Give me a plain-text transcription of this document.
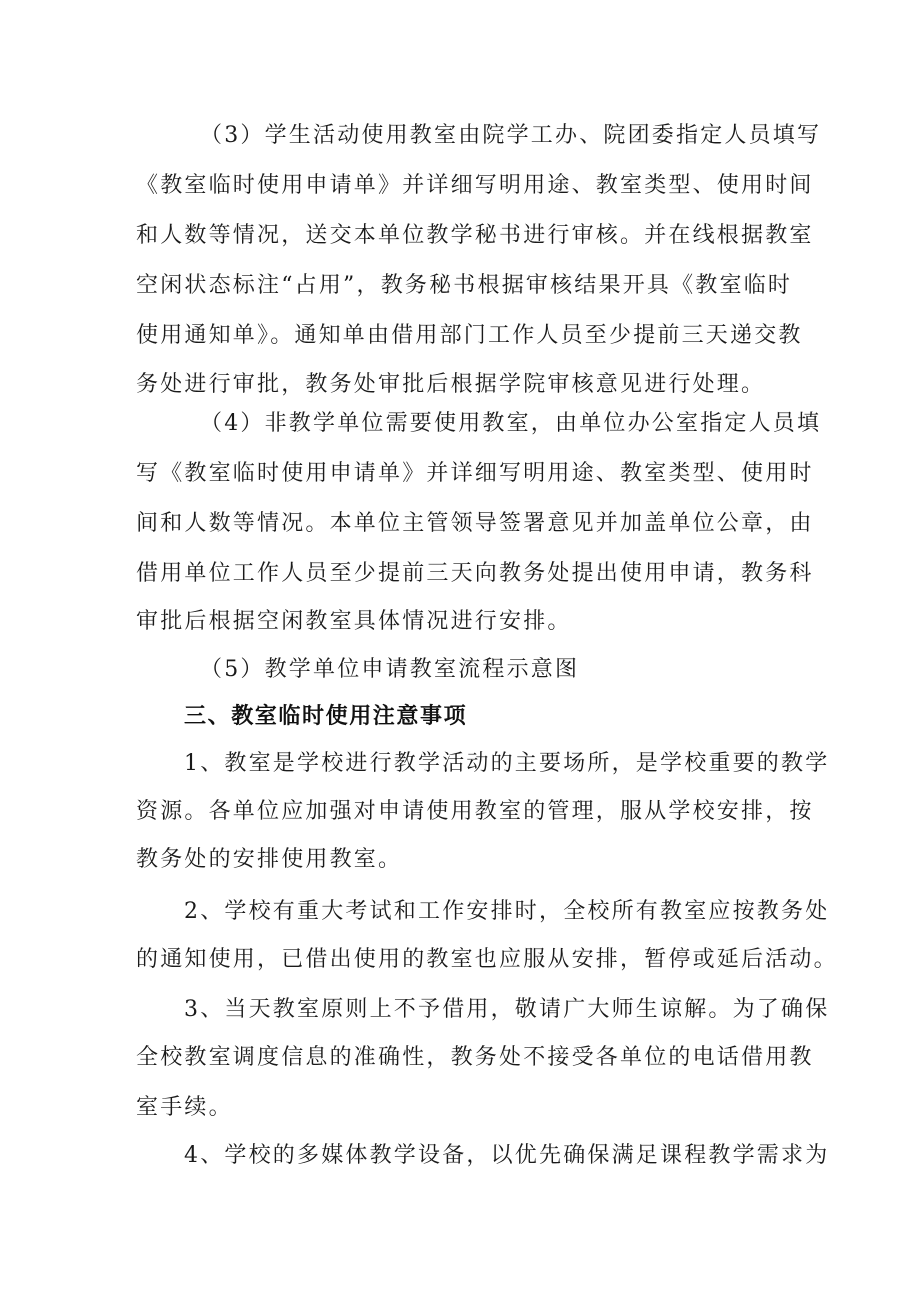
（3）学生活动使用教室由院学工办、院团委指定人员填写
《教室临时使用申请单》并详细写明用途、教室类型、使用时间
和人数等情况，送交本单位教学秘书进行审核。并在线根据教室
空闲状态标注“占用”，教务秘书根据审核结果开具《教室临时
使用通知单》。通知单由借用部门工作人员至少提前三天递交教
务处进行审批，教务处审批后根据学院审核意见进行处理。
（4）非教学单位需要使用教室，由单位办公室指定人员填
写《教室临时使用申请单》并详细写明用途、教室类型、使用时
间和人数等情况。本单位主管领导签署意见并加盖单位公章，由
借用单位工作人员至少提前三天向教务处提出使用申请，教务科
审批后根据空闲教室具体情况进行安排。
（5）教学单位申请教室流程示意图
三、教室临时使用注意事项
1、教室是学校进行教学活动的主要场所，是学校重要的教学
资源。各单位应加强对申请使用教室的管理，服从学校安排，按
教务处的安排使用教室。
2、学校有重大考试和工作安排时，全校所有教室应按教务处
的通知使用，已借出使用的教室也应服从安排，暂停或延后活动。
3、当天教室原则上不予借用，敬请广大师生谅解。为了确保
全校教室调度信息的准确性，教务处不接受各单位的电话借用教
室手续。
4、学校的多媒体教学设备，以优先确保满足课程教学需求为
